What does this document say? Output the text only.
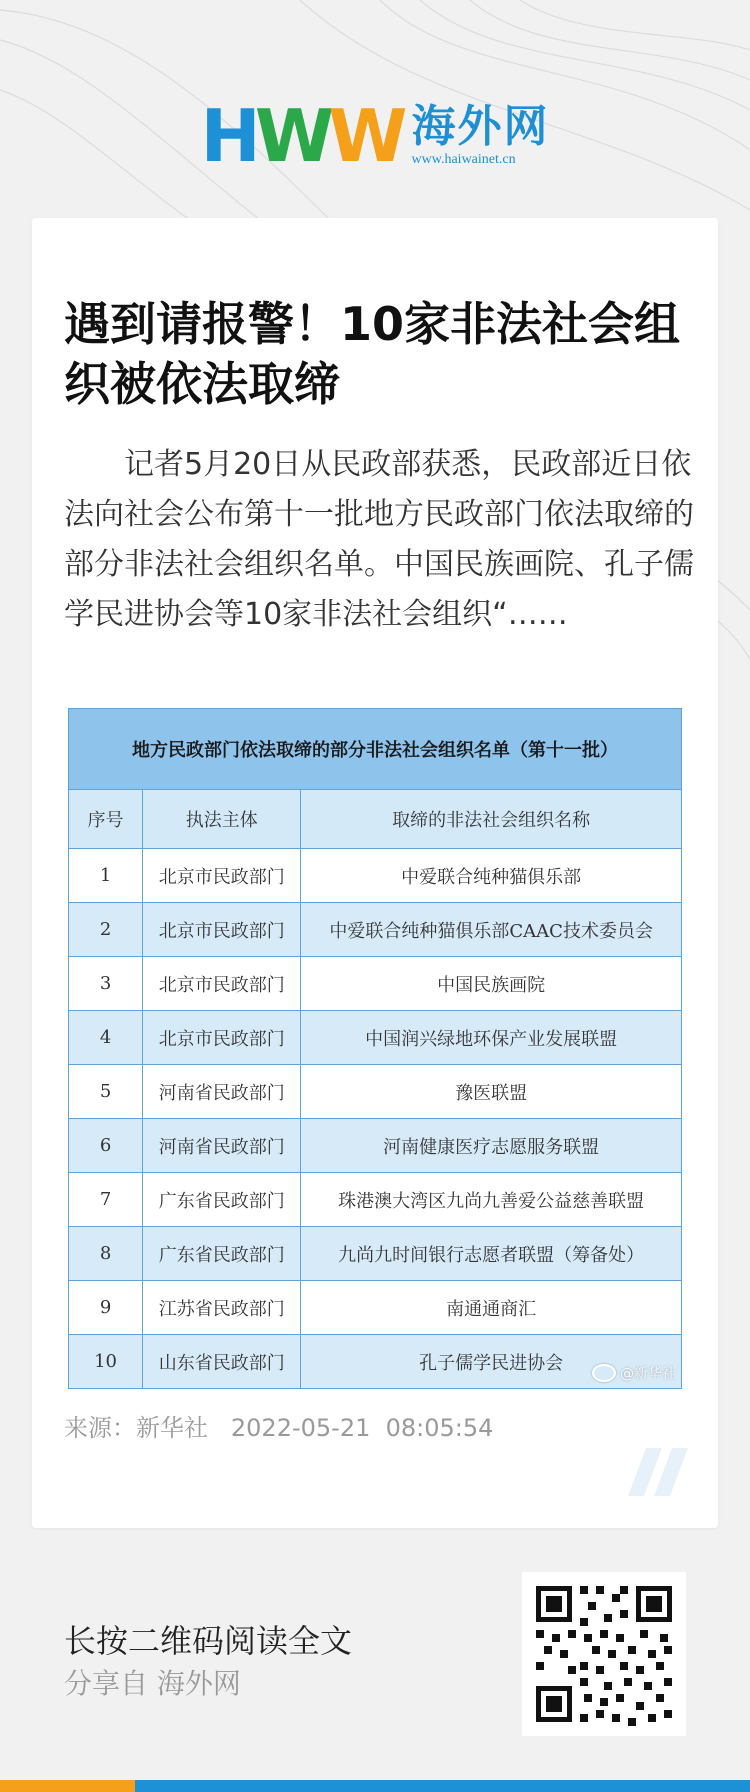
HWW 海外网
www.haiwainet.cn
遇到请报警！10家非法社会组织被依法取缔

记者5月20日从民政部获悉，民政部近日依法向社会公布第十一批地方民政部门依法取缔的部分非法社会组织名单。中国民族画院、孔子儒学民进协会等10家非法社会组织“……

地方民政部门依法取缔的部分非法社会组织名单（第十一批）		
序号	执法主体	取缔的非法社会组织名称
1	北京市民政部门	中爱联合纯种猫俱乐部
2	北京市民政部门	中爱联合纯种猫俱乐部CAAC技术委员会
3	北京市民政部门	中国民族画院
4	北京市民政部门	中国润兴绿地环保产业发展联盟
5	河南省民政部门	豫医联盟
6	河南省民政部门	河南健康医疗志愿服务联盟
7	广东省民政部门	珠港澳大湾区九尚九善爱公益慈善联盟
8	广东省民政部门	九尚九时间银行志愿者联盟（筹备处）
9	江苏省民政部门	南通通商汇
10	山东省民政部门	孔子儒学民进协会
@新华社
来源：新华社 2022-05-21  08:05:54
长按二维码阅读全文
分享自 海外网
